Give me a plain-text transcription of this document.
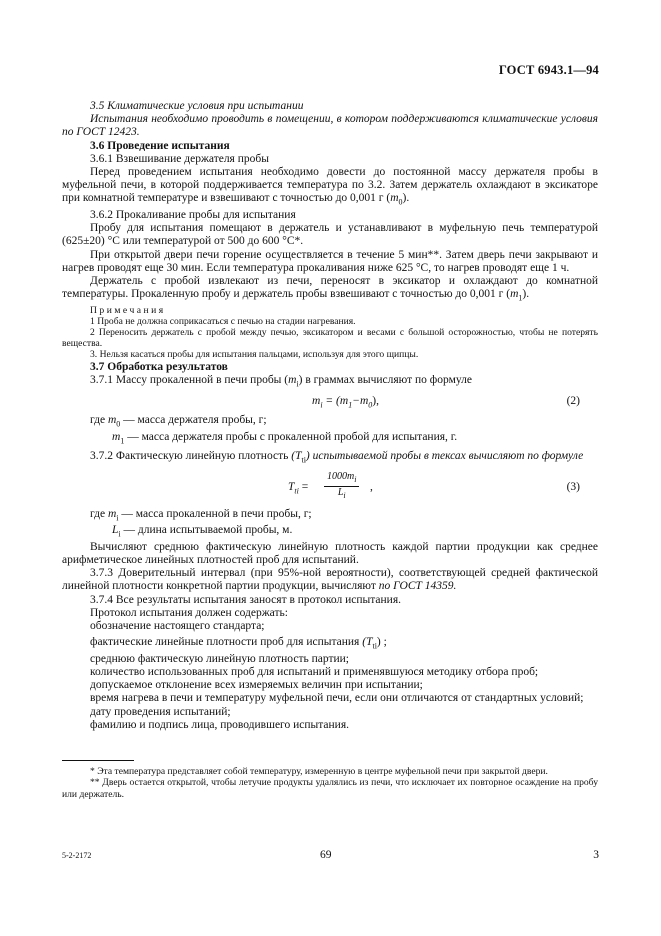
ГОСТ 6943.1—94

3.5 Климатические условия при испытании

Испытания необходимо проводить в помещении, в котором поддерживаются климатические условия по ГОСТ 12423.

3.6 Проведение испытания

3.6.1 Взвешивание держателя пробы

Перед проведением испытания необходимо довести до постоянной массу держателя пробы в муфельной печи, в которой поддерживается температура по 3.2. Затем держатель охлаждают в эксикаторе при комнатной температуре и взвешивают с точностью до 0,001 г $(m_0)$.

3.6.2 Прокаливание пробы для испытания

Пробу для испытания помещают в держатель и устанавливают в муфельную печь температурой (625±20) °С или температурой от 500 до 600 °С*.

При открытой двери печи горение осуществляется в течение 5 мин**. Затем дверь печи закрывают и нагрев проводят еще 30 мин. Если температура прокаливания ниже 625 °С, то нагрев проводят еще 1 ч.

Держатель с пробой извлекают из печи, переносят в эксикатор и охлаждают до комнатной температуры. Прокаленную пробу и держатель пробы взвешивают с точностью до 0,001 г $(m_1)$.

Примечания

1 Проба не должна соприкасаться с печью на стадии нагревания.

2 Переносить держатель с пробой между печью, эксикатором и весами с большой осторожностью, чтобы не потерять вещества.

3. Нельзя касаться пробы для испытания пальцами, используя для этого щипцы.

3.7 Обработка результатов

3.7.1 Массу прокаленной в печи пробы $(m_i)$ в граммах вычисляют по формуле

$m_i = (m_1-m_0)$,	(2)

где $m_0$ — масса держателя пробы, г;

$m_1$ — масса держателя пробы с прокаленной пробой для испытания, г.

3.7.2 Фактическую линейную плотность $(T_{ti})$ испытываемой пробы в тексах вычисляют по формуле

$T_{ti} = \frac{1000m_i}{L_i}$ ,	(3)

где $m_i$ — масса прокаленной в печи пробы, г;

$L_i$ — длина испытываемой пробы, м.

Вычисляют среднюю фактическую линейную плотность каждой партии продукции как среднее арифметическое линейных плотностей проб для испытаний.

3.7.3 Доверительный интервал (при 95%-ной вероятности), соответствующей средней фактической линейной плотности конкретной партии продукции, вычисляют по ГОСТ 14359.

3.7.4 Все результаты испытания заносят в протокол испытания.

Протокол испытания должен содержать:

обозначение настоящего стандарта;

фактические линейные плотности проб для испытания $(T_{ti})$ ;

среднюю фактическую линейную плотность партии;

количество использованных проб для испытаний и применявшуюся методику отбора проб;

допускаемое отклонение всех измеряемых величин при испытании;

время нагрева в печи и температуру муфельной печи, если они отличаются от стандартных условий;

дату проведения испытаний;

фамилию и подпись лица, проводившего испытания.

* Эта температура представляет собой температуру, измеренную в центре муфельной печи при закрытой двери.

** Дверь остается открытой, чтобы летучие продукты удалялись из печи, что исключает их повторное осаждение на пробу или держатель.

5-2-2172	69	3
